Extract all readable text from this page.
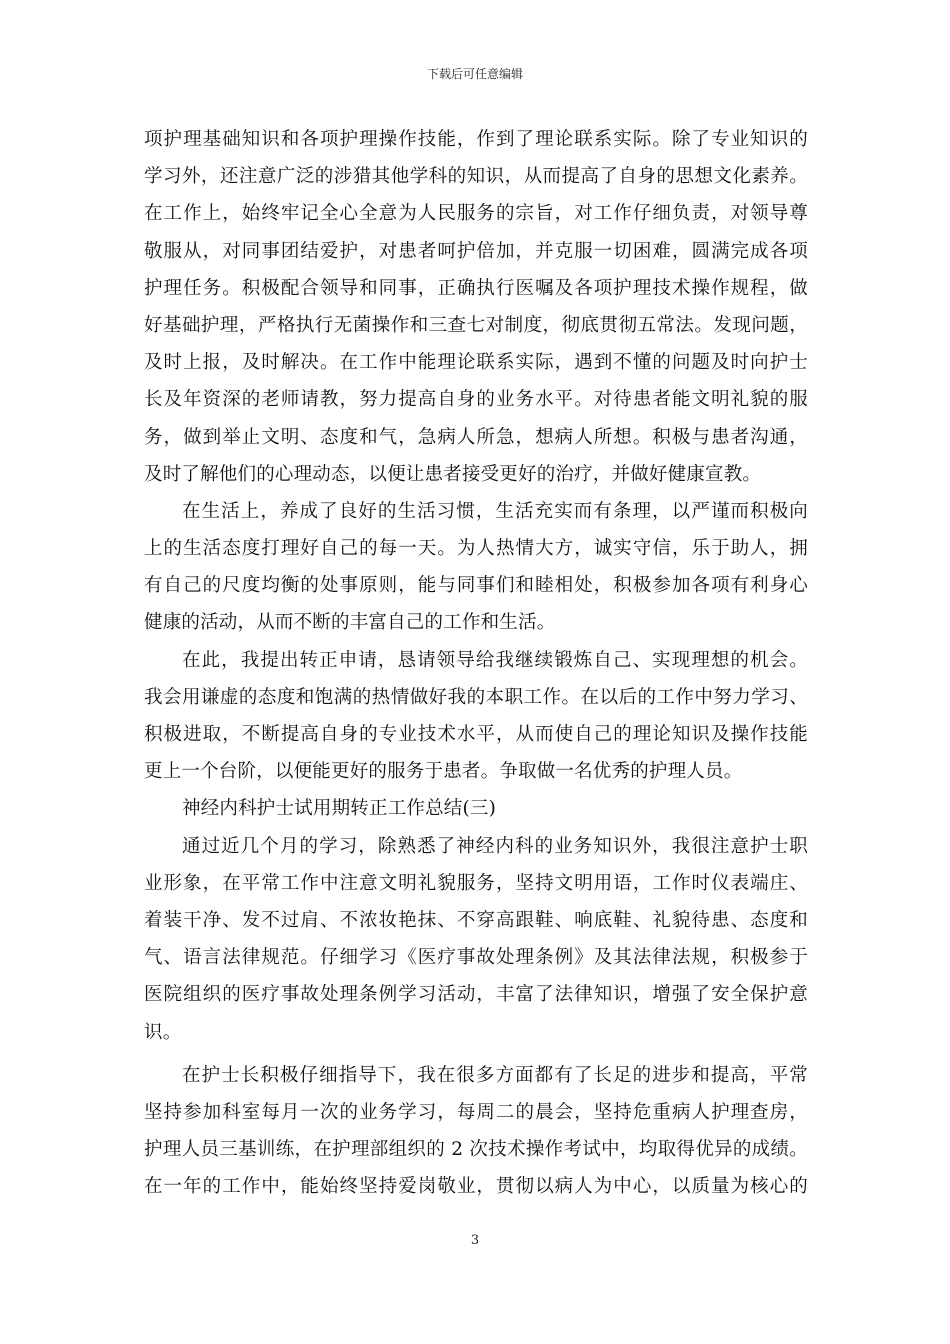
下载后可任意编辑
项护理基础知识和各项护理操作技能，作到了理论联系实际。除了专业知识的
学习外，还注意广泛的涉猎其他学科的知识，从而提高了自身的思想文化素养。
在工作上，始终牢记全心全意为人民服务的宗旨，对工作仔细负责，对领导尊
敬服从，对同事团结爱护，对患者呵护倍加，并克服一切困难，圆满完成各项
护理任务。积极配合领导和同事，正确执行医嘱及各项护理技术操作规程，做
好基础护理，严格执行无菌操作和三查七对制度，彻底贯彻五常法。发现问题，
及时上报，及时解决。在工作中能理论联系实际，遇到不懂的问题及时向护士
长及年资深的老师请教，努力提高自身的业务水平。对待患者能文明礼貌的服
务，做到举止文明、态度和气，急病人所急，想病人所想。积极与患者沟通，
及时了解他们的心理动态，以便让患者接受更好的治疗，并做好健康宣教。
在生活上，养成了良好的生活习惯，生活充实而有条理，以严谨而积极向
上的生活态度打理好自己的每一天。为人热情大方，诚实守信，乐于助人，拥
有自己的尺度均衡的处事原则，能与同事们和睦相处，积极参加各项有利身心
健康的活动，从而不断的丰富自己的工作和生活。
在此，我提出转正申请，恳请领导给我继续锻炼自己、实现理想的机会。
我会用谦虚的态度和饱满的热情做好我的本职工作。在以后的工作中努力学习、
积极进取，不断提高自身的专业技术水平，从而使自己的理论知识及操作技能
更上一个台阶，以便能更好的服务于患者。争取做一名优秀的护理人员。
神经内科护士试用期转正工作总结(三)
通过近几个月的学习，除熟悉了神经内科的业务知识外，我很注意护士职
业形象，在平常工作中注意文明礼貌服务，坚持文明用语，工作时仪表端庄、
着装干净、发不过肩、不浓妆艳抹、不穿高跟鞋、响底鞋、礼貌待患、态度和
气、语言法律规范。仔细学习《医疗事故处理条例》及其法律法规，积极参于
医院组织的医疗事故处理条例学习活动，丰富了法律知识，增强了安全保护意
识。
在护士长积极仔细指导下，我在很多方面都有了长足的进步和提高，平常
坚持参加科室每月一次的业务学习，每周二的晨会，坚持危重病人护理查房，
护理人员三基训练，在护理部组织的 2 次技术操作考试中，均取得优异的成绩。
在一年的工作中，能始终坚持爱岗敬业，贯彻以病人为中心，以质量为核心的
3
